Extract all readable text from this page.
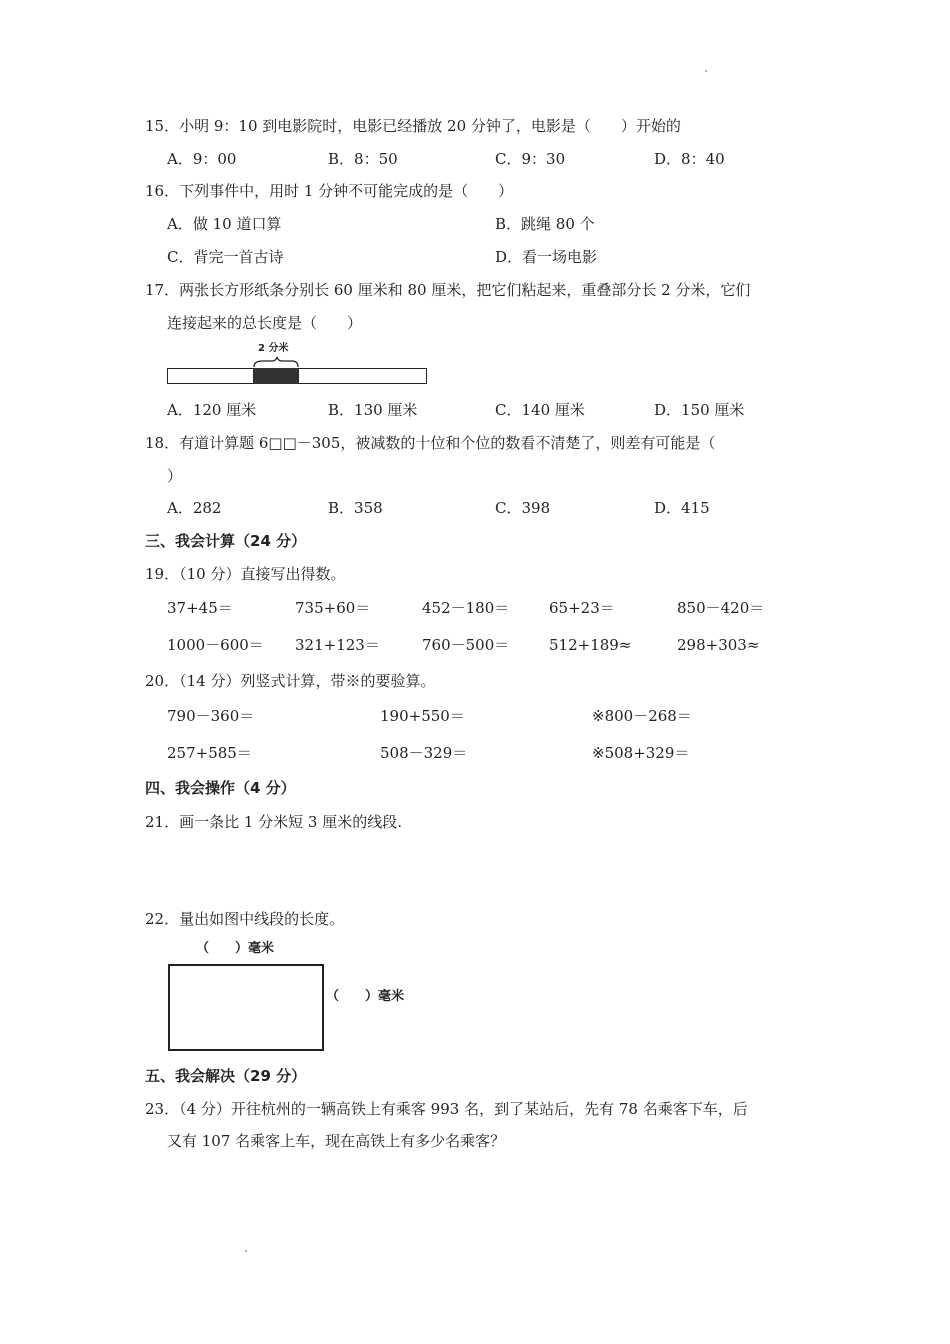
15．小明 9：10 到电影院时，电影已经播放 20 分钟了，电影是（　　）开始的
A．9：00	B．8：50	C．9：30	D．8：40
16．下列事件中，用时 1 分钟不可能完成的是（　　）
A．做 10 道口算	B．跳绳 80 个
C．背完一首古诗	D．看一场电影
17．两张长方形纸条分别长 60 厘米和 80 厘米，把它们粘起来，重叠部分长 2 分米，它们
连接起来的总长度是（　　）
2 分米
A．120 厘米	B．130 厘米	C．140 厘米	D．150 厘米
18．有道计算题 6□□－305，被减数的十位和个位的数看不清楚了，则差有可能是（
）
A．282	B．358	C．398	D．415
三、我会计算（24 分）
19．（10 分）直接写出得数。
37+45＝	735+60＝	452－180＝	65+23＝	850－420＝
1000－600＝ 321+123＝	760－500＝	512+189≈	298+303≈
20．（14 分）列竖式计算，带※的要验算。
790－360＝	190+550＝	※800－268＝
257+585＝	508－329＝	※508+329＝
四、我会操作（4 分）
21．画一条比 1 分米短 3 厘米的线段.
22．量出如图中线段的长度。
（　　）毫米
（　　）毫米
五、我会解决（29 分）
23．（4 分）开往杭州的一辆高铁上有乘客 993 名，到了某站后，先有 78 名乘客下车，后
又有 107 名乘客上车，现在高铁上有多少名乘客？
